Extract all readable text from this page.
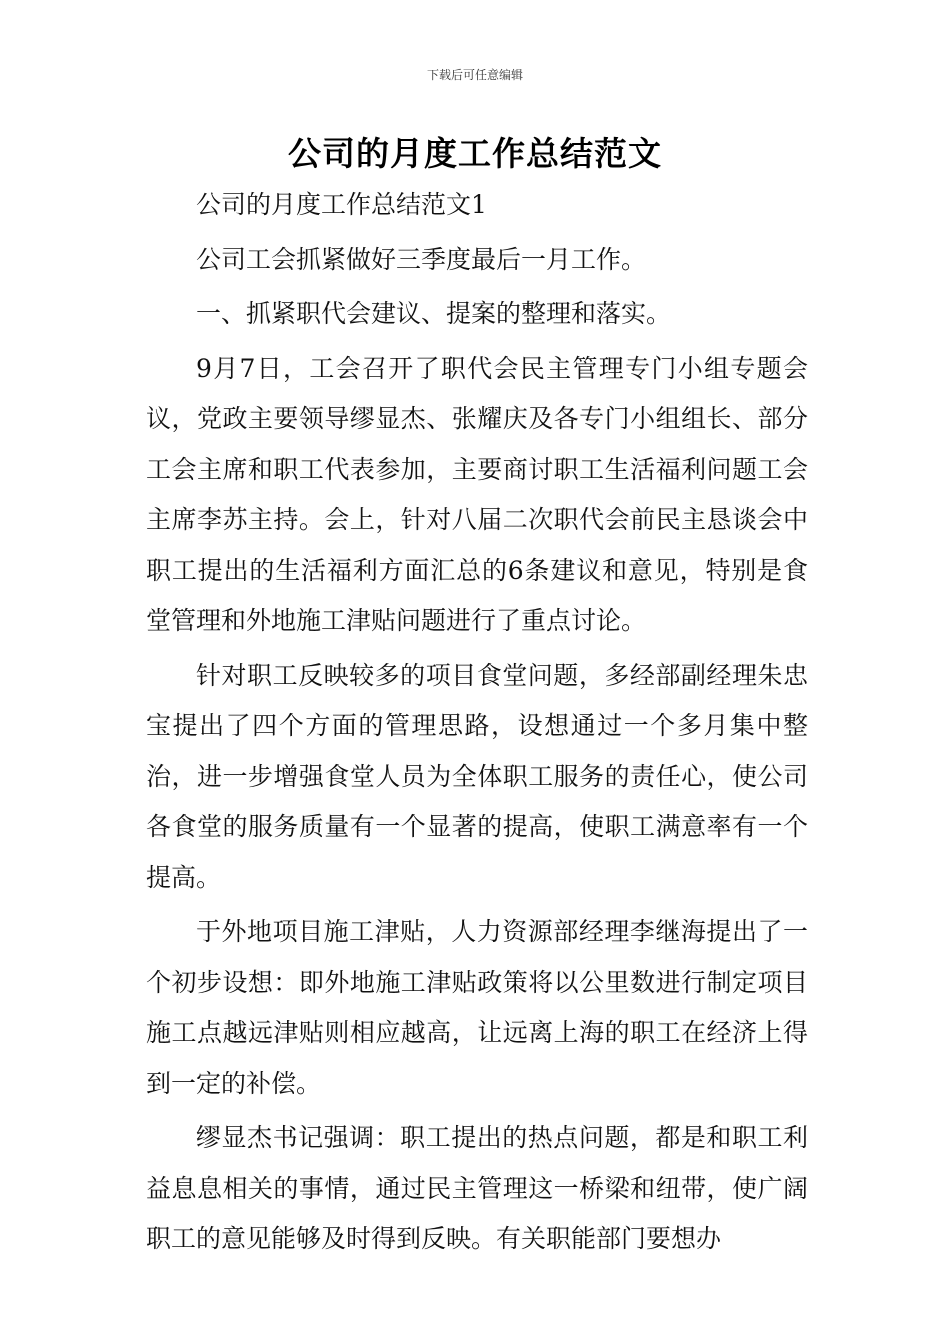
下载后可任意编辑
公司的月度工作总结范文

公司的月度工作总结范文1

公司工会抓紧做好三季度最后一月工作。

一、抓紧职代会建议、提案的整理和落实。

9月7日，工会召开了职代会民主管理专门小组专题会议，党政主要领导缪显杰、张耀庆及各专门小组组长、部分工会主席和职工代表参加，主要商讨职工生活福利问题工会主席李苏主持。会上，针对八届二次职代会前民主恳谈会中职工提出的生活福利方面汇总的6条建议和意见，特别是食堂管理和外地施工津贴问题进行了重点讨论。

针对职工反映较多的项目食堂问题，多经部副经理朱忠宝提出了四个方面的管理思路，设想通过一个多月集中整治，进一步增强食堂人员为全体职工服务的责任心，使公司各食堂的服务质量有一个显著的提高，使职工满意率有一个提高。

于外地项目施工津贴，人力资源部经理李继海提出了一个初步设想：即外地施工津贴政策将以公里数进行制定项目施工点越远津贴则相应越高，让远离上海的职工在经济上得到一定的补偿。

缪显杰书记强调：职工提出的热点问题，都是和职工利益息息相关的事情，通过民主管理这一桥梁和纽带，使广阔职工的意见能够及时得到反映。有关职能部门要想办
